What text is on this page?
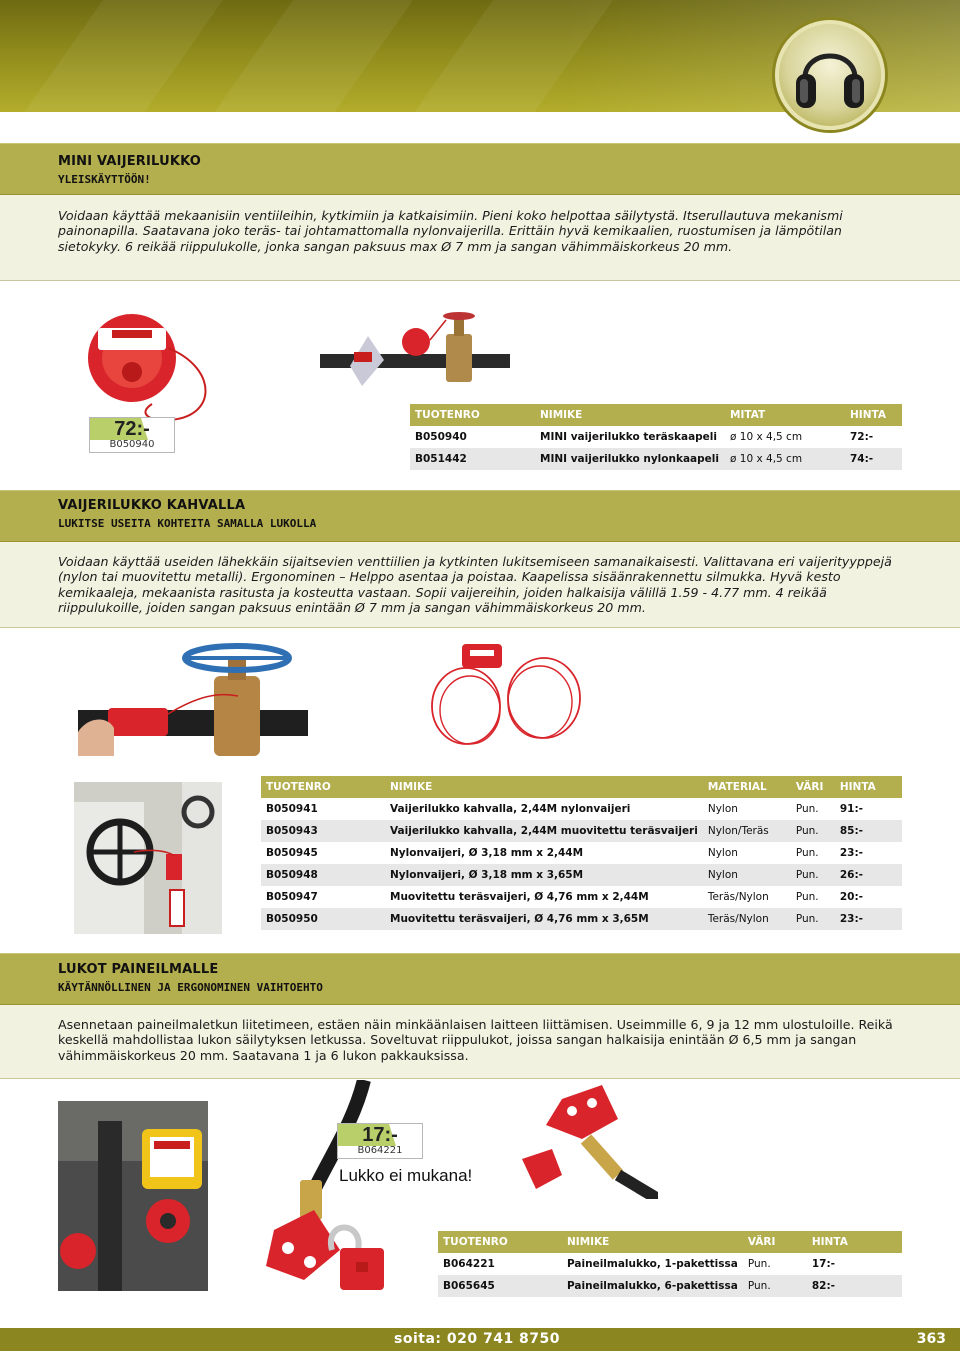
MINI VAIJERILUKKO
YLEISKÄYTTÖÖN!

Voidaan käyttää mekaanisiin ventiileihin, kytkimiin ja katkaisimiin. Pieni koko helpottaa säilytystä. Itserullautuva mekanismi

painonapilla. Saatavana joko teräs- tai johtamattomalla nylonvaijerilla. Erittäin hyvä kemikaalien, ruostumisen ja lämpötilan

sietokyky. 6 reikää riippulukolle, jonka sangan paksuus max Ø 7 mm ja sangan vähimmäiskorkeus 20 mm.

72:-
B050940
TUOTENRO	NIMIKE	MITAT	HINTA
B050940	MINI vaijerilukko teräskaapeli	ø 10 x 4,5 cm	72:-
B051442	MINI vaijerilukko nylonkaapeli	ø 10 x 4,5 cm	74:-
VAIJERILUKKO KAHVALLA
LUKITSE USEITA KOHTEITA SAMALLA LUKOLLA

Voidaan käyttää useiden lähekkäin sijaitsevien venttiilien ja kytkinten lukitsemiseen samanaikaisesti. Valittavana eri vaijerityyppejä

(nylon tai muovitettu metalli). Ergonominen – Helppo asentaa ja poistaa. Kaapelissa sisäänrakennettu silmukka. Hyvä kesto

kemikaaleja, mekaanista rasitusta ja kosteutta vastaan. Sopii vaijereihin, joiden halkaisija välillä 1.59 - 4.77 mm. 4 reikää

riippulukoille, joiden sangan paksuus enintään Ø 7 mm ja sangan vähimmäiskorkeus 20 mm.

TUOTENRO	NIMIKE	MATERIAL	VÄRI	HINTA
B050941	Vaijerilukko kahvalla, 2,44M nylonvaijeri	Nylon	Pun.	91:-
B050943	Vaijerilukko kahvalla, 2,44M muovitettu teräsvaijeri	Nylon/Teräs	Pun.	85:-
B050945	Nylonvaijeri, Ø 3,18 mm x 2,44M	Nylon	Pun.	23:-
B050948	Nylonvaijeri, Ø 3,18 mm x 3,65M	Nylon	Pun.	26:-
B050947	Muovitettu teräsvaijeri, Ø 4,76 mm x 2,44M	Teräs/Nylon	Pun.	20:-
B050950	Muovitettu teräsvaijeri, Ø 4,76 mm x 3,65M	Teräs/Nylon	Pun.	23:-
LUKOT PAINEILMALLE
KÄYTÄNNÖLLINEN JA ERGONOMINEN VAIHTOEHTO

Asennetaan paineilmaletkun liitetimeen, estäen näin minkäänlaisen laitteen liittämisen. Useimmille 6, 9 ja 12 mm ulostuloille. Reikä

keskellä mahdollistaa lukon säilytyksen letkussa. Soveltuvat riippulukot, joissa sangan halkaisija enintään Ø 6,5 mm ja sangan

vähimmäiskorkeus 20 mm. Saatavana 1 ja 6 lukon pakkauksissa.

17:-
B064221
Lukko ei mukana!
TUOTENRO	NIMIKE	VÄRI	HINTA
B064221	Paineilmalukko, 1-pakettissa	Pun.	17:-
B065645	Paineilmalukko, 6-pakettissa	Pun.	82:-
soita: 020 741 8750	363
